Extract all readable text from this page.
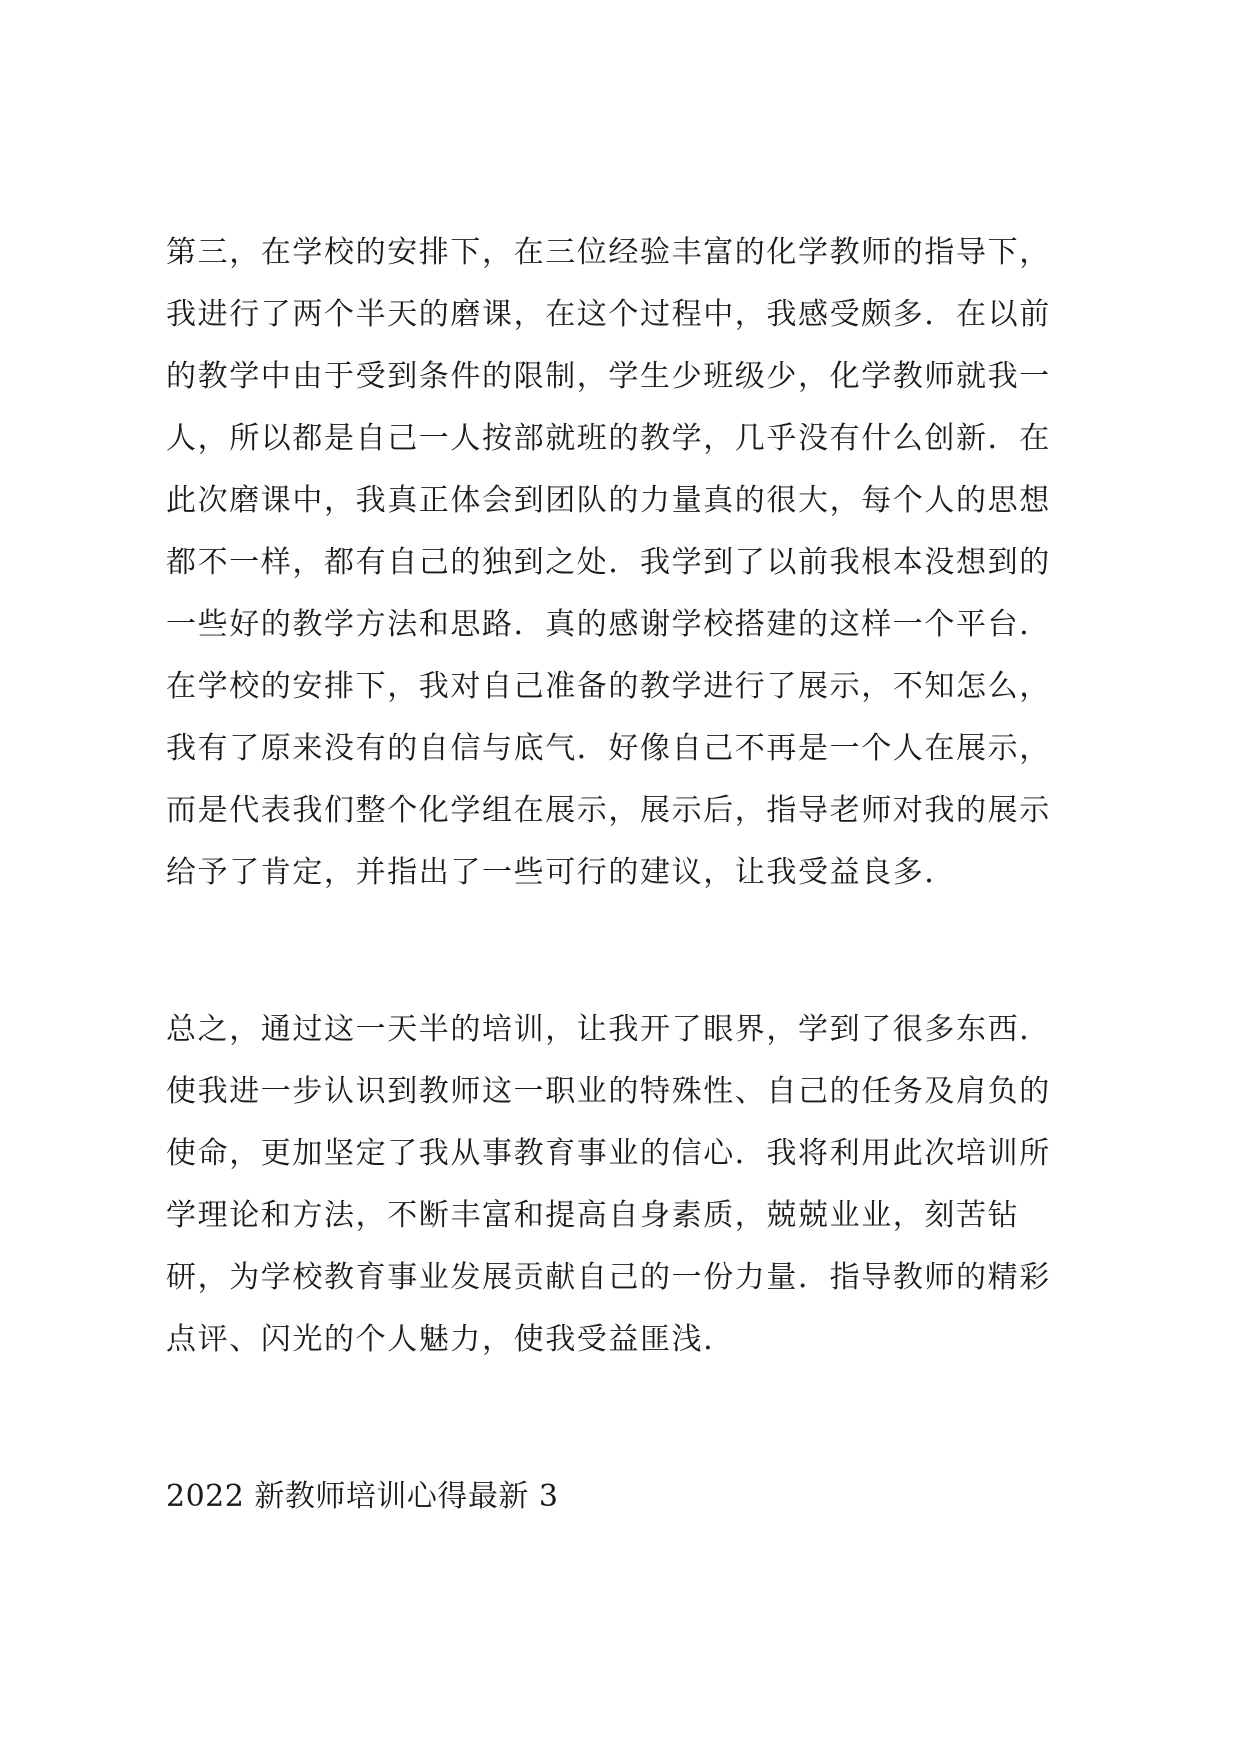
第三，在学校的安排下，在三位经验丰富的化学教师的指导下，
我进行了两个半天的磨课，在这个过程中，我感受颇多．在以前
的教学中由于受到条件的限制，学生少班级少，化学教师就我一
人，所以都是自己一人按部就班的教学，几乎没有什么创新．在
此次磨课中，我真正体会到团队的力量真的很大，每个人的思想
都不一样，都有自己的独到之处．我学到了以前我根本没想到的
一些好的教学方法和思路．真的感谢学校搭建的这样一个平台．
在学校的安排下，我对自己准备的教学进行了展示，不知怎么，
我有了原来没有的自信与底气．好像自己不再是一个人在展示，
而是代表我们整个化学组在展示，展示后，指导老师对我的展示
给予了肯定，并指出了一些可行的建议，让我受益良多．
总之，通过这一天半的培训，让我开了眼界，学到了很多东西．
使我进一步认识到教师这一职业的特殊性、自己的任务及肩负的
使命，更加坚定了我从事教育事业的信心．我将利用此次培训所
学理论和方法，不断丰富和提高自身素质，兢兢业业，刻苦钻
研，为学校教育事业发展贡献自己的一份力量．指导教师的精彩
点评、闪光的个人魅力，使我受益匪浅．
2022 新教师培训心得最新 3
